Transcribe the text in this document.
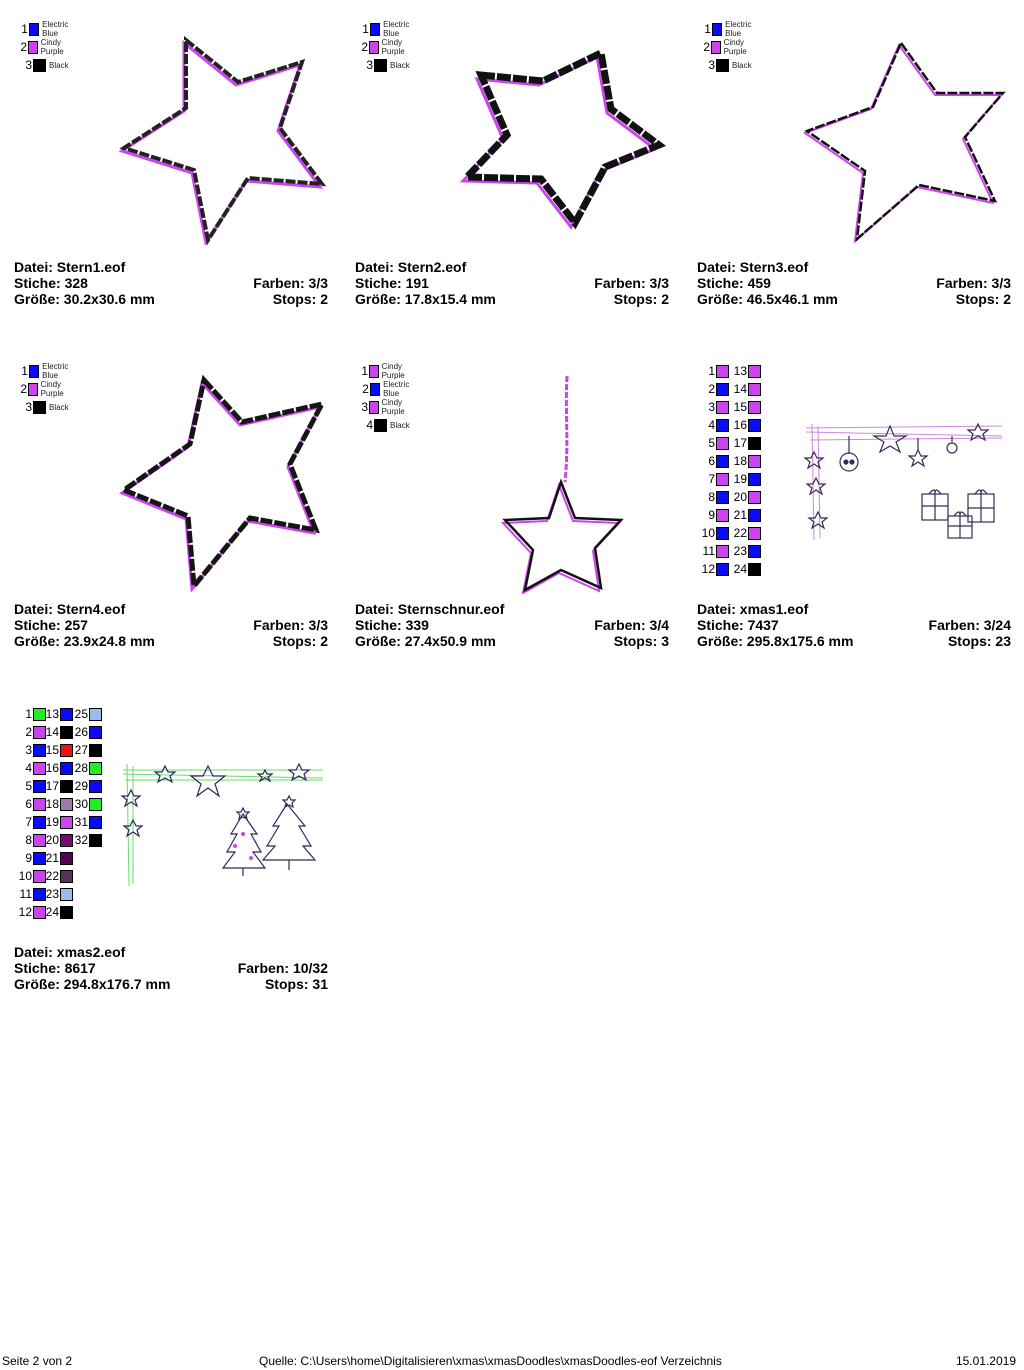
1 Electric Blue
2 Cindy Purple
3 Black
Datei: Stern1.eof
Stiche: 328	Farben: 3/3
Größe: 30.2x30.6 mm	Stops: 2
1 Electric Blue
2 Cindy Purple
3 Black
Datei: Stern2.eof
Stiche: 191	Farben: 3/3
Größe: 17.8x15.4 mm	Stops: 2
1 Electric Blue
2 Cindy Purple
3 Black
Datei: Stern3.eof
Stiche: 459	Farben: 3/3
Größe: 46.5x46.1 mm	Stops: 2
1 Electric Blue
2 Cindy Purple
3 Black
Datei: Stern4.eof
Stiche: 257	Farben: 3/3
Größe: 23.9x24.8 mm	Stops: 2
1 Cindy Purple
2 Electric Blue
3 Cindy Purple
4 Black
Datei: Sternschnur.eof
Stiche: 339	Farben: 3/4
Größe: 27.4x50.9 mm	Stops: 3
1
2
3
4
5
6
7
8
9
10
11
12
13
14
15
16
17
18
19
20
21
22
23
24
Datei: xmas1.eof
Stiche: 7437	Farben: 3/24
Größe: 295.8x175.6 mm	Stops: 23
1
2
3
4
5
6
7
8
9
10
11
12
13
14
15
16
17
18
19
20
21
22
23
24
25
26
27
28
29
30
31
32
Datei: xmas2.eof
Stiche: 8617	Farben: 10/32
Größe: 294.8x176.7 mm	Stops: 31
Seite 2 von 2	Quelle: C:\Users\home\Digitalisieren\xmas\xmasDoodles\xmasDoodles-eof Verzeichnis	15.01.2019
